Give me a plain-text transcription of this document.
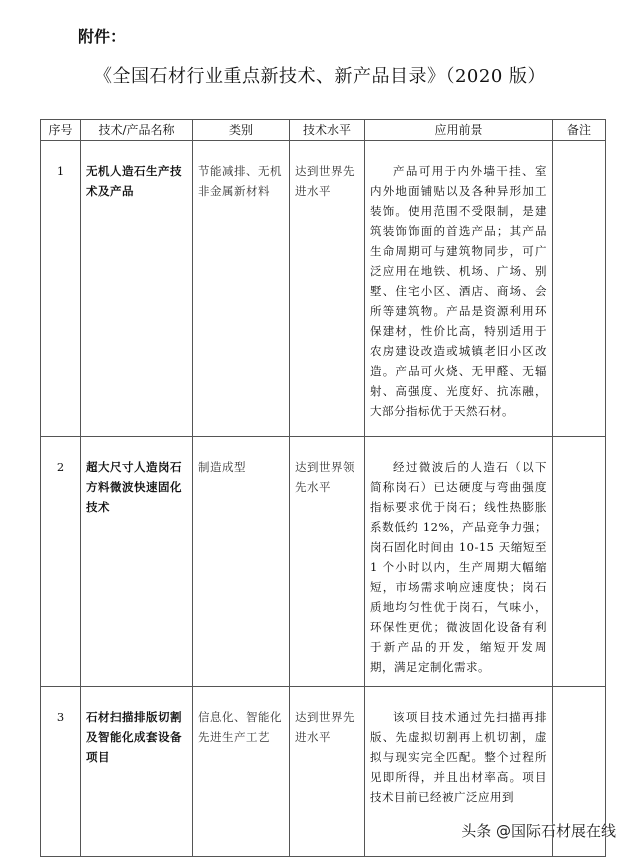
附件：
《全国石材行业重点新技术、新产品目录》（2020 版）
序号	技术/产品名称	类别	技术水平	应用前景	备注
1	无机人造石生产技术及产品	节能减排、无机非金属新材料	达到世界先进水平	产品可用于内外墙干挂、室内外地面铺贴以及各种异形加工装饰。使用范围不受限制，是建筑装饰饰面的首选产品；其产品生命周期可与建筑物同步，可广泛应用在地铁、机场、广场、别墅、住宅小区、酒店、商场、会所等建筑物。产品是资源利用环保建材，性价比高，特别适用于农房建设改造或城镇老旧小区改造。产品可火烧、无甲醛、无辐射、高强度、光度好、抗冻融，大部分指标优于天然石材。	
2	超大尺寸人造岗石方料微波快速固化技术	制造成型	达到世界领先水平	经过微波后的人造石（以下简称岗石）已达硬度与弯曲强度指标要求优于岗石；线性热膨胀系数低约 12%，产品竞争力强；岗石固化时间由 10-15 天缩短至 1 个小时以内，生产周期大幅缩短，市场需求响应速度快；岗石质地均匀性优于岗石，气味小，环保性更优；微波固化设备有利于新产品的开发，缩短开发周期，满足定制化需求。	
3	石材扫描排版切割及智能化成套设备项目	信息化、智能化先进生产工艺	达到世界先进水平	该项目技术通过先扫描再排版、先虚拟切割再上机切割，虚拟与现实完全匹配。整个过程所见即所得，并且出材率高。项目技术目前已经被广泛应用到	
头条 @国际石材展在线
